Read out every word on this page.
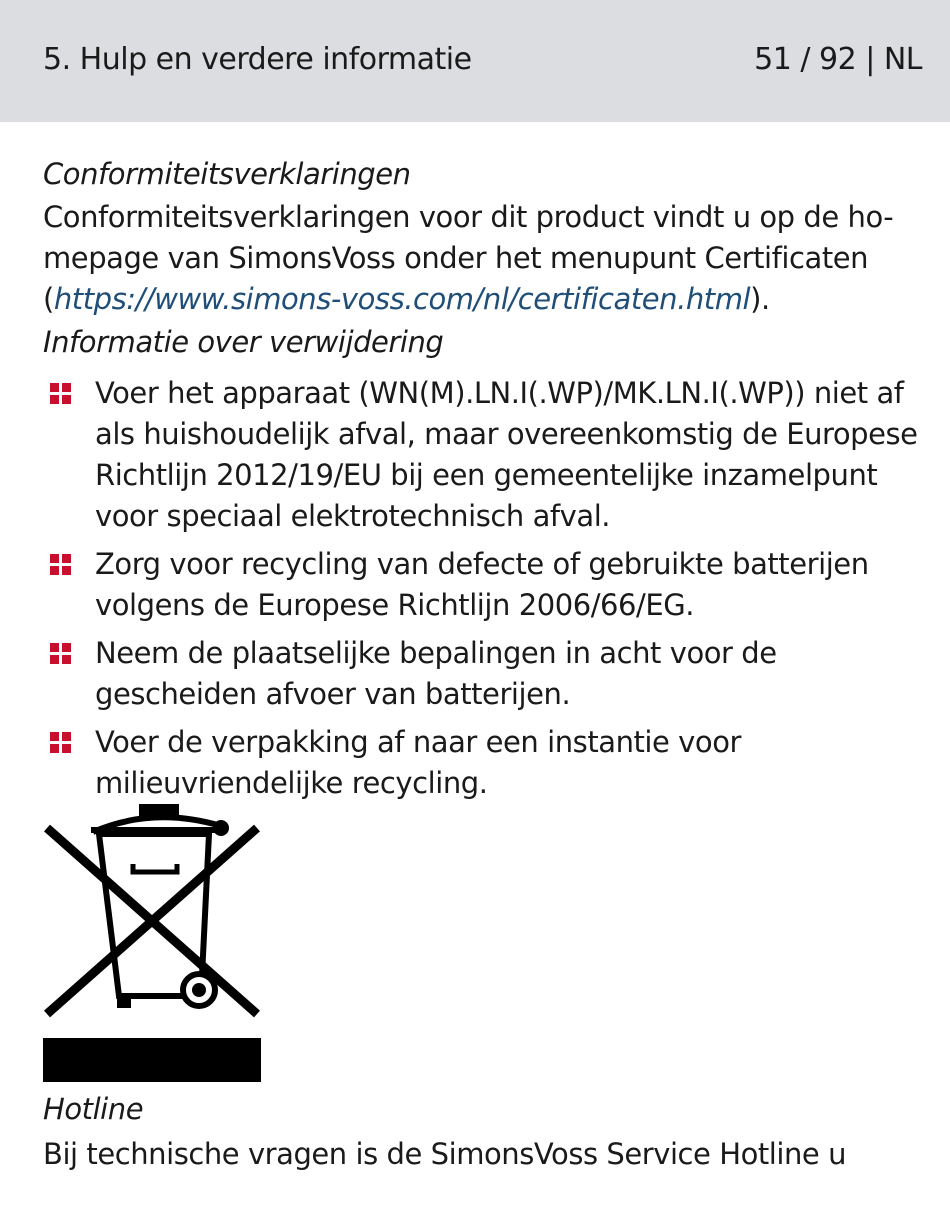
5. Hulp en verdere informatie	51 / 92 | NL

Conformiteitsverklaringen

Conformiteitsverklaringen voor dit product vindt u op de ho-mepage van SimonsVoss onder het menupunt Certificaten (https://www.simons-voss.com/nl/certificaten.html).

Informatie over verwijdering

Voer het apparaat (WN(M).LN.I(.WP)/MK.LN.I(.WP)) niet af als huishoudelijk afval, maar overeenkomstig de Europese Richtlijn 2012/19/EU bij een gemeentelijke inzamelpunt voor speciaal elektrotechnisch afval.
Zorg voor recycling van defecte of gebruikte batterijen volgens de Europese Richtlijn 2006/66/EG.
Neem de plaatselijke bepalingen in acht voor de gescheiden afvoer van batterijen.
Voer de verpakking af naar een instantie voor milieuvriendelijke recycling.
Hotline
Bij technische vragen is de SimonsVoss Service Hotline u
